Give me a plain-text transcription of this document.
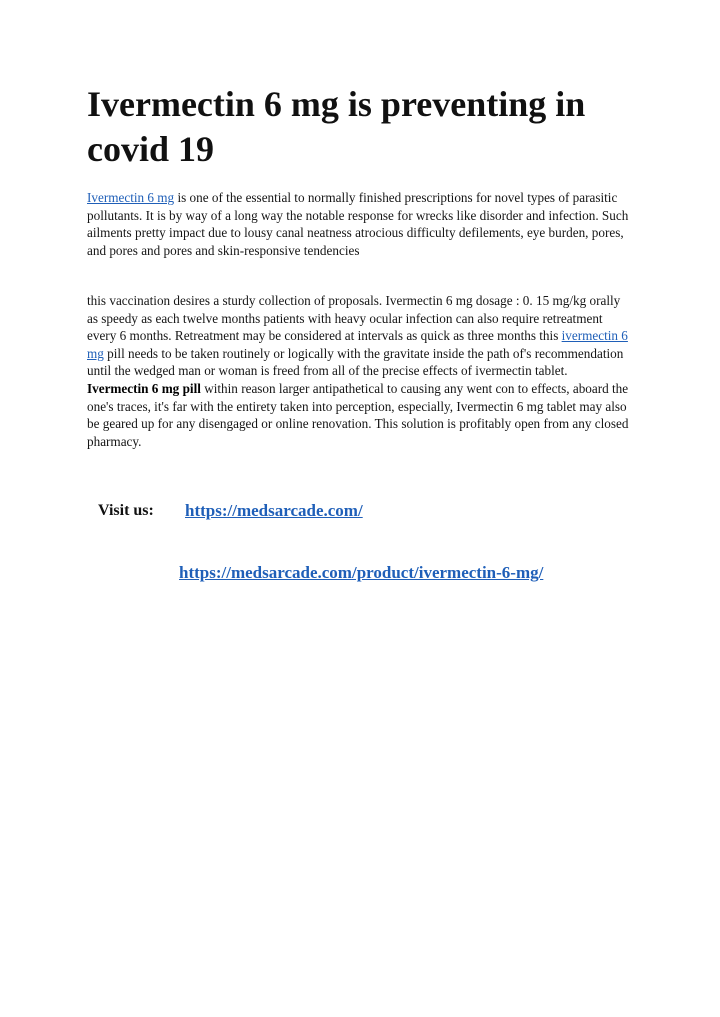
Ivermectin 6 mg is preventing in covid 19

Ivermectin 6 mg is one of the essential to normally finished prescriptions for novel types of parasitic pollutants. It is by way of a long way the notable response for wrecks like disorder and infection. Such ailments pretty impact due to lousy canal neatness atrocious difficulty defilements, eye burden, pores, and pores and pores and skin-responsive tendencies

this vaccination desires a sturdy collection of proposals. Ivermectin 6 mg dosage : 0. 15 mg/kg orally as speedy as each twelve months patients with heavy ocular infection can also require retreatment every 6 months. Retreatment may be considered at intervals as quick as three months this ivermectin 6 mg pill needs to be taken routinely or logically with the gravitate inside the path of's recommendation until the wedged man or woman is freed from all of the precise effects of ivermectin tablet. Ivermectin 6 mg pill within reason larger antipathetical to causing any went con to effects, aboard the one's traces, it's far with the entirety taken into perception, especially, Ivermectin 6 mg tablet may also be geared up for any disengaged or online renovation. This solution is profitably open from any closed pharmacy.

Visit us: https://medsarcade.com/
https://medsarcade.com/product/ivermectin-6-mg/
